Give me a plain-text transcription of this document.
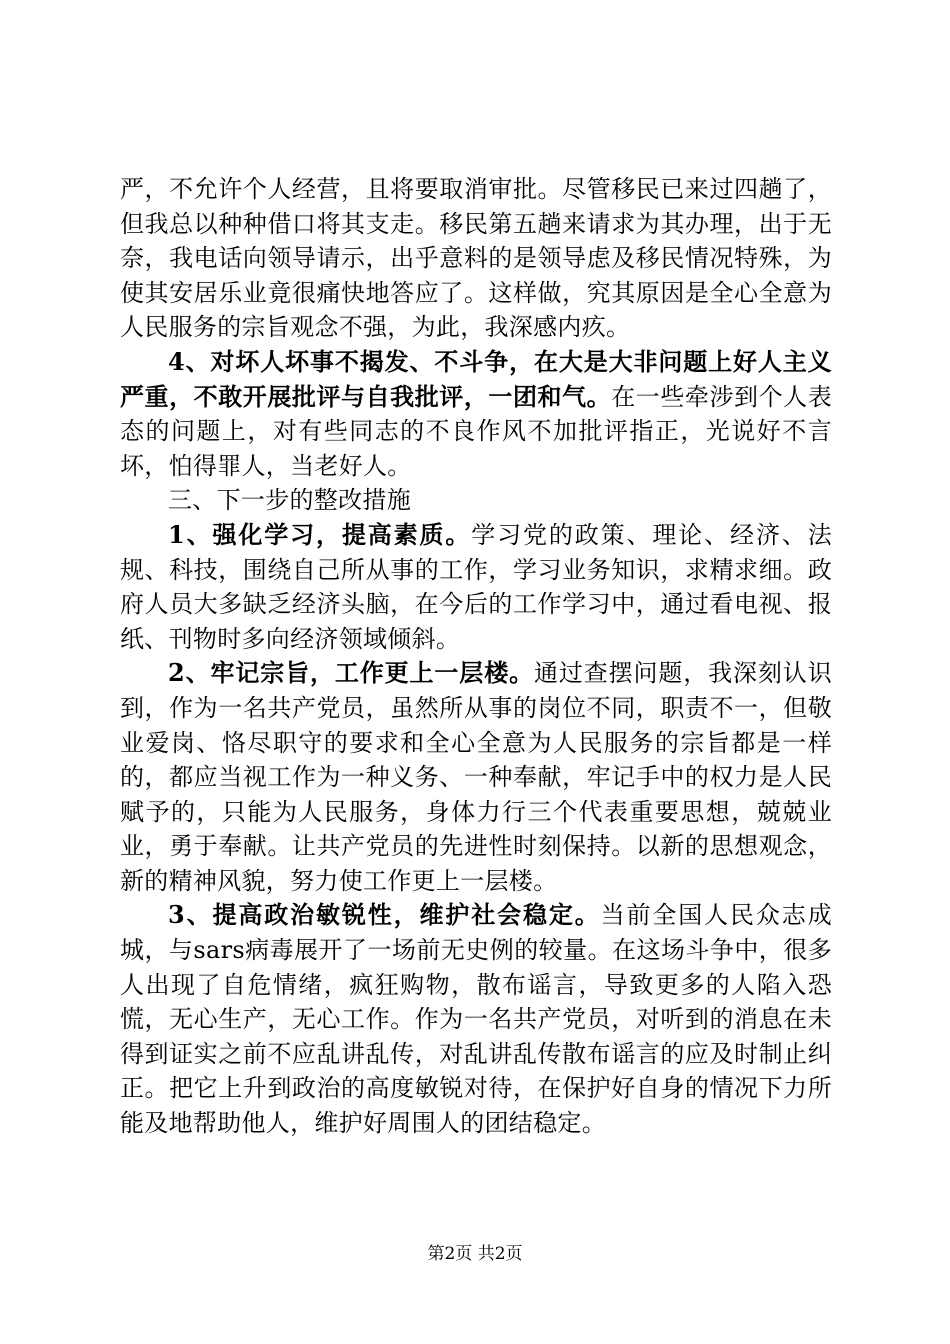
严，不允许个人经营，且将要取消审批。尽管移民已来过四趟了，但我总以种种借口将其支走。移民第五趟来请求为其办理，出于无奈，我电话向领导请示，出乎意料的是领导虑及移民情况特殊，为使其安居乐业竟很痛快地答应了。这样做，究其原因是全心全意为人民服务的宗旨观念不强，为此，我深感内疚。

4、对坏人坏事不揭发、不斗争，在大是大非问题上好人主义严重，不敢开展批评与自我批评，一团和气。在一些牵涉到个人表态的问题上，对有些同志的不良作风不加批评指正，光说好不言坏，怕得罪人，当老好人。

三、下一步的整改措施

1、强化学习，提高素质。学习党的政策、理论、经济、法规、科技，围绕自己所从事的工作，学习业务知识，求精求细。政府人员大多缺乏经济头脑，在今后的工作学习中，通过看电视、报纸、刊物时多向经济领域倾斜。

2、牢记宗旨，工作更上一层楼。通过查摆问题，我深刻认识到，作为一名共产党员，虽然所从事的岗位不同，职责不一，但敬业爱岗、恪尽职守的要求和全心全意为人民服务的宗旨都是一样的，都应当视工作为一种义务、一种奉献，牢记手中的权力是人民赋予的，只能为人民服务，身体力行三个代表重要思想，兢兢业业，勇于奉献。让共产党员的先进性时刻保持。以新的思想观念，新的精神风貌，努力使工作更上一层楼。

3、提高政治敏锐性，维护社会稳定。当前全国人民众志成城，与sars病毒展开了一场前无史例的较量。在这场斗争中，很多人出现了自危情绪，疯狂购物，散布谣言，导致更多的人陷入恐慌，无心生产，无心工作。作为一名共产党员，对听到的消息在未得到证实之前不应乱讲乱传，对乱讲乱传散布谣言的应及时制止纠正。把它上升到政治的高度敏锐对待，在保护好自身的情况下力所能及地帮助他人，维护好周围人的团结稳定。

第2页 共2页
